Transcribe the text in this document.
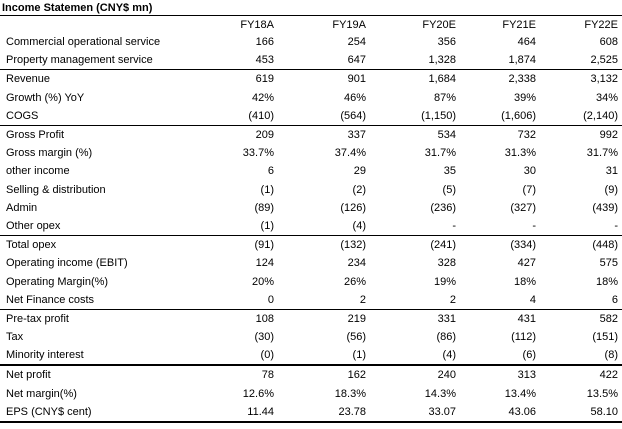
Income Statemen (CNY$ mn)
	FY18A	FY19A	FY20E	FY21E	FY22E
Commercial operational service	166	254	356	464	608
Property management service	453	647	1,328	1,874	2,525
Revenue	619	901	1,684	2,338	3,132
Growth (%) YoY	42%	46%	87%	39%	34%
COGS	(410)	(564)	(1,150)	(1,606)	(2,140)
Gross Profit	209	337	534	732	992
Gross margin (%)	33.7%	37.4%	31.7%	31.3%	31.7%
other income	6	29	35	30	31
Selling & distribution	(1)	(2)	(5)	(7)	(9)
Admin	(89)	(126)	(236)	(327)	(439)
Other opex	(1)	(4)	-	-	-
Total opex	(91)	(132)	(241)	(334)	(448)
Operating income (EBIT)	124	234	328	427	575
Operating Margin(%)	20%	26%	19%	18%	18%
Net Finance costs	0	2	2	4	6
Pre-tax profit	108	219	331	431	582
Tax	(30)	(56)	(86)	(112)	(151)
Minority interest	(0)	(1)	(4)	(6)	(8)
Net profit	78	162	240	313	422
Net margin(%)	12.6%	18.3%	14.3%	13.4%	13.5%
EPS (CNY$ cent)	11.44	23.78	33.07	43.06	58.10
